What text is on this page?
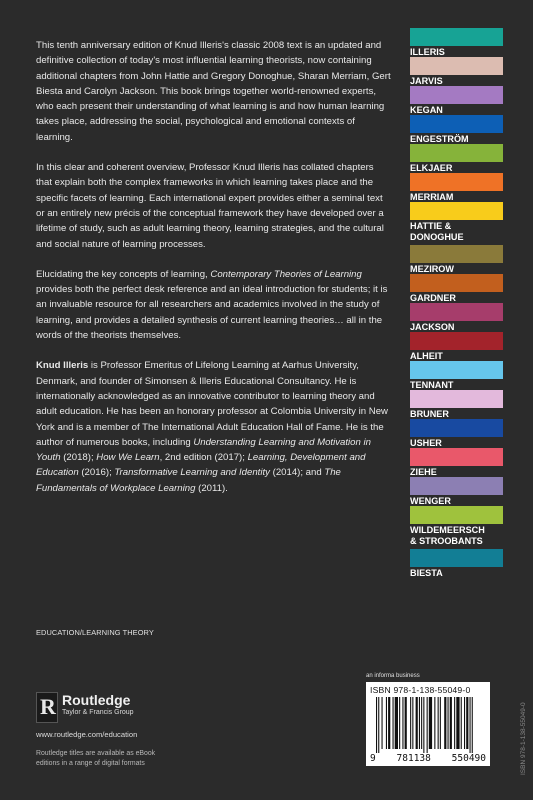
This tenth anniversary edition of Knud Illeris's classic 2008 text is an updated and definitive collection of today's most influential learning theorists, now containing additional chapters from John Hattie and Gregory Donoghue, Sharan Merriam, Gert Biesta and Carolyn Jackson. This book brings together world-renowned experts, who each present their understanding of what learning is and how human learning takes place, addressing the social, psychological and emotional contexts of learning.

In this clear and coherent overview, Professor Knud Illeris has collated chapters that explain both the complex frameworks in which learning takes place and the specific facets of learning. Each international expert provides either a seminal text or an entirely new précis of the conceptual framework they have developed over a lifetime of study, such as adult learning theory, learning strategies, and the cultural and social nature of learning processes.

Elucidating the key concepts of learning, Contemporary Theories of Learning provides both the perfect desk reference and an ideal introduction for students; it is an invaluable resource for all researchers and academics involved in the study of learning, and provides a detailed synthesis of current learning theories… all in the words of the theorists themselves.

Knud Illeris is Professor Emeritus of Lifelong Learning at Aarhus University, Denmark, and founder of Simonsen & Illeris Educational Consultancy. He is internationally acknowledged as an innovative contributor to learning theory and adult education. He has been an honorary professor at Colombia University in New York and is a member of The International Adult Education Hall of Fame. He is the author of numerous books, including Understanding Learning and Motivation in Youth (2018); How We Learn, 2nd edition (2017); Learning, Development and Education (2016); Transformative Learning and Identity (2014); and The Fundamentals of Workplace Learning (2011).

EDUCATION/LEARNING THEORY
R Routledge
Taylor & Francis Group
www.routledge.com/education
Routledge titles are available as eBook editions in a range of digital formats
an informa business
ISBN 978-1-138-55049-0
9 781138 550490
ILLERIS
JARVIS
KEGAN
ENGESTRÖM
ELKJAER
MERRIAM
HATTIE &
DONOGHUE
MEZIROW
GARDNER
JACKSON
ALHEIT
TENNANT
BRUNER
USHER
ZIEHE
WENGER
WILDEMEERSCH
& STROOBANTS
BIESTA
ISBN 978-1-138-55049-0
